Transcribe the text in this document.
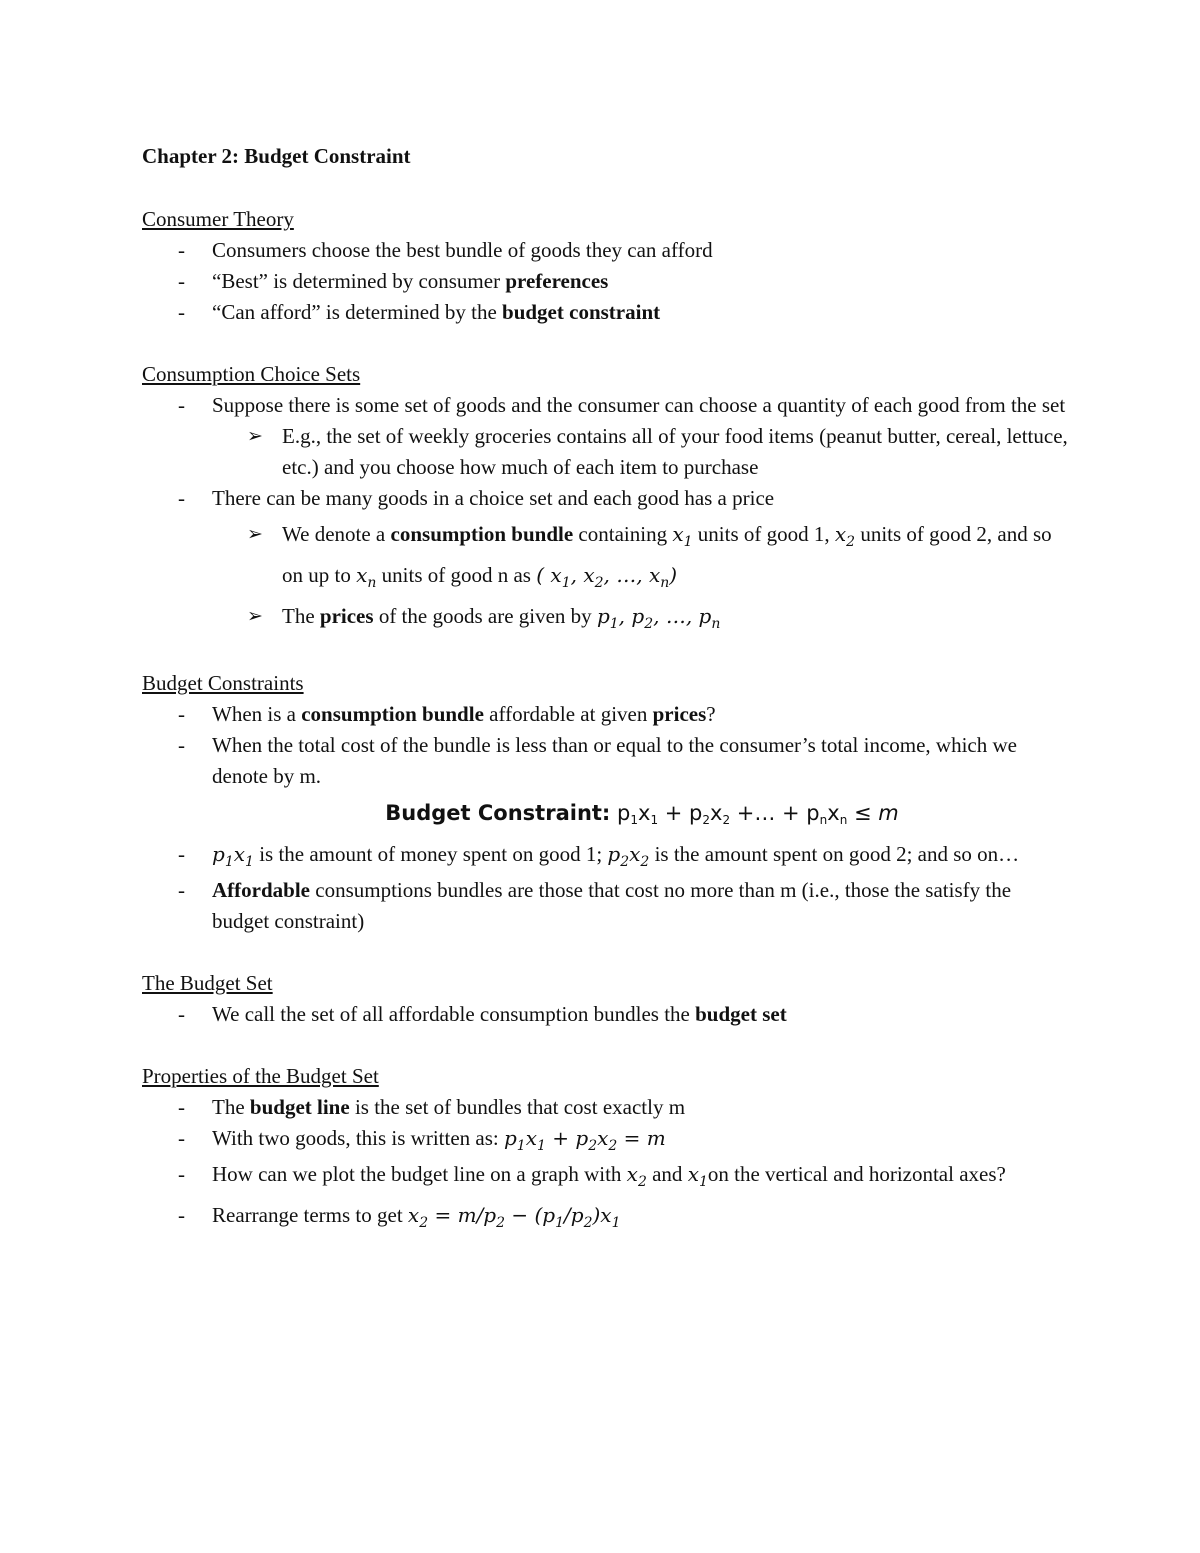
Chapter 2: Budget Constraint
Consumer Theory
- Consumers choose the best bundle of goods they can afford
- “Best” is determined by consumer preferences
- “Can afford” is determined by the budget constraint
Consumption Choice Sets
- Suppose there is some set of goods and the consumer can choose a quantity of each good from the set
➢ E.g., the set of weekly groceries contains all of your food items (peanut butter, cereal, lettuce, etc.) and you choose how much of each item to purchase
- There can be many goods in a choice set and each good has a price
➢ We denote a consumption bundle containing $x_1$ units of good 1, $x_2$ units of good 2, and so on up to $x_n$ units of good n as ( $x_1$, $x_2$, …, $x_n$)
➢ The prices of the goods are given by $p_1$, $p_2$, …, $p_n$
Budget Constraints
- When is a consumption bundle affordable at given prices?
- When the total cost of the bundle is less than or equal to the consumer’s total income, which we denote by m.
Budget Constraint: $p_1x_1 + p_2x_2$ +… + $p_nx_n \le m$
- $p_1x_1$ is the amount of money spent on good 1; $p_2x_2$ is the amount spent on good 2; and so on…
- Affordable consumptions bundles are those that cost no more than m (i.e., those the satisfy the budget constraint)
The Budget Set
- We call the set of all affordable consumption bundles the budget set
Properties of the Budget Set
- The budget line is the set of bundles that cost exactly m
- With two goods, this is written as: $p_1x_1 + p_2x_2 = m$
- How can we plot the budget line on a graph with $x_2$ and $x_1on$ the vertical and horizontal axes?
- Rearrange terms to get $x_2 = m/p_2 - (p_1/p_2)x_1$
